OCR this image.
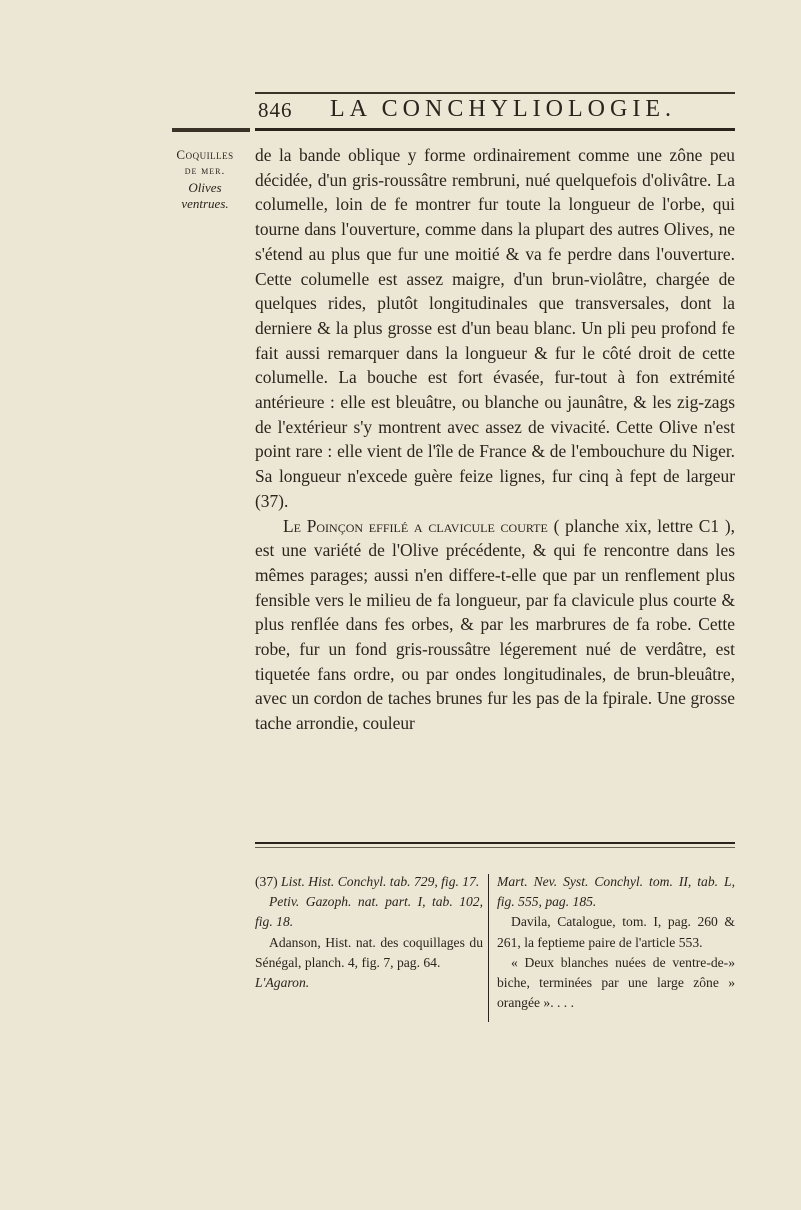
846 LA CONCHYLIOLOGIE.
Coquilles
de mer.
Olives ventrues.

de la bande oblique y forme ordinairement comme une zône peu décidée, d'un gris-roussâtre rembruni, nué quelquefois d'olivâtre. La columelle, loin de fe montrer fur toute la longueur de l'orbe, qui tourne dans l'ouverture, comme dans la plupart des autres Olives, ne s'étend au plus que fur une moitié & va fe perdre dans l'ouverture. Cette columelle est assez maigre, d'un brun-violâtre, chargée de quelques rides, plutôt longitudinales que transversales, dont la derniere & la plus grosse est d'un beau blanc. Un pli peu profond fe fait aussi remarquer dans la longueur & fur le côté droit de cette columelle. La bouche est fort évasée, fur-tout à fon extrémité antérieure : elle est bleuâtre, ou blanche ou jaunâtre, & les zig-zags de l'extérieur s'y montrent avec assez de vivacité. Cette Olive n'est point rare : elle vient de l'île de France & de l'embouchure du Niger. Sa longueur n'excede guère feize lignes, fur cinq à fept de largeur (37).

Le Poinçon effilé a clavicule courte ( planche xix, lettre C1 ), est une variété de l'Olive précédente, & qui fe rencontre dans les mêmes parages; aussi n'en differe-t-elle que par un renflement plus fensible vers le milieu de fa longueur, par fa clavicule plus courte & plus renflée dans fes orbes, & par les marbrures de fa robe. Cette robe, fur un fond gris-roussâtre légerement nué de verdâtre, est tiquetée fans ordre, ou par ondes longitudinales, de brun-bleuâtre, avec un cordon de taches brunes fur les pas de la fpirale. Une grosse tache arrondie, couleur

(37) List. Hist. Conchyl. tab. 729, fig. 17.

Petiv. Gazoph. nat. part. I, tab. 102, fig. 18.

Adanson, Hist. nat. des coquillages du Sénégal, planch. 4, fig. 7, pag. 64.

L'Agaron.

Mart. Nev. Syst. Conchyl. tom. II, tab. L, fig. 555, pag. 185.

Davila, Catalogue, tom. I, pag. 260 & 261, la feptieme paire de l'article 553.

« Deux blanches nuées de ventre-de-» biche, terminées par une large zône » orangée ». . . .
